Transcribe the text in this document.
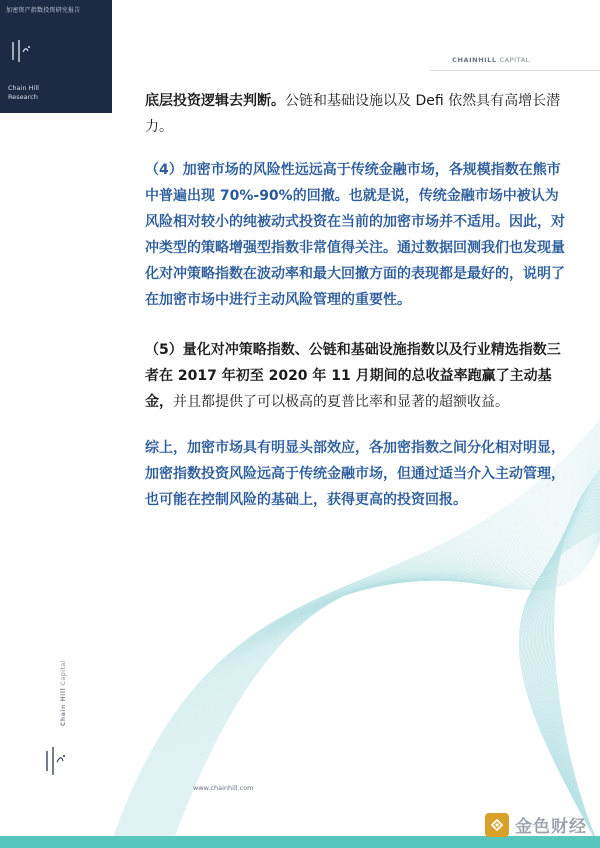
加密资产指数投资研究报告
Chain Hill
Research
CHAINHILL CAPITAL

底层投资逻辑去判断。公链和基础设施以及 Defi 依然具有高增长潜力。

（4）加密市场的风险性远远高于传统金融市场，各规模指数在熊市中普遍出现 70%-90%的回撤。也就是说，传统金融市场中被认为风险相对较小的纯被动式投资在当前的加密市场并不适用。因此，对冲类型的策略增强型指数非常值得关注。通过数据回测我们也发现量化对冲策略指数在波动率和最大回撤方面的表现都是最好的，说明了在加密市场中进行主动风险管理的重要性。

（5）量化对冲策略指数、公链和基础设施指数以及行业精选指数三者在 2017 年初至 2020 年 11 月期间的总收益率跑赢了主动基金，并且都提供了可以极高的夏普比率和显著的超额收益。

综上，加密市场具有明显头部效应，各加密指数之间分化相对明显，加密指数投资风险远高于传统金融市场，但通过适当介入主动管理，也可能在控制风险的基础上，获得更高的投资回报。

Chain Hill Capital
www.chainhill.com
金色财经
